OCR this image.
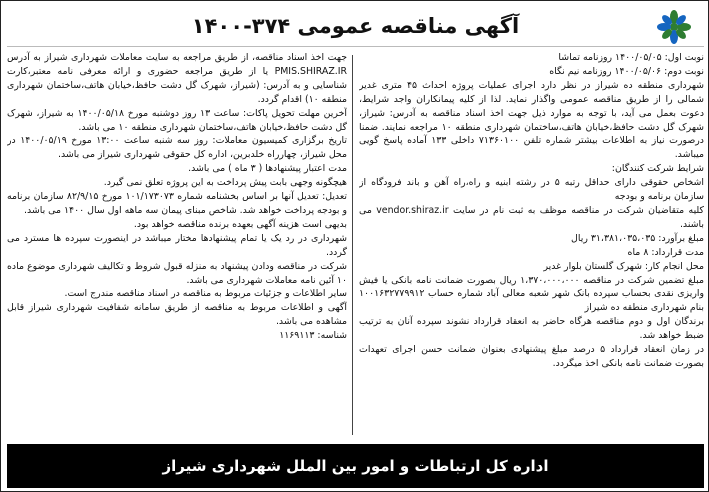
آگهی مناقصه عمومی ۳۷۴-۱۴۰۰

نوبت اول: ۱۴۰۰/۰۵/۰۵ روزنامه تماشا

نوبت دوم: ۱۴۰۰/۰۵/۰۶ روزنامه نیم نگاه

شهرداری منطقه ده شیراز در نظر دارد اجرای عملیات پروژه احداث ۴۵ متری غدیر شمالی را از طریق مناقصه عمومی واگذار نماید. لذا از کلیه پیمانکاران واجد شرایط، دعوت بعمل می آید، با توجه به موارد ذیل جهت اخذ اسناد مناقصه به آدرس: شیراز، شهرک گل دشت حافظ،خیابان هاتف،ساختمان شهرداری منطقه ۱۰ مراجعه نمایند. ضمنا درصورت نیاز به اطلاعات بیشتر شماره تلفن ۷۱۳۶۰۱۰۰ داخلی ۱۳۳ آماده پاسخ گویی میباشد.

شرایط شرکت کنندگان:

اشخاص حقوقی دارای حداقل رتبه ۵ در رشته ابنیه و راه،راه آهن و باند فرودگاه از سازمان برنامه و بودجه

کلیه متقاضیان شرکت در مناقصه موظف به ثبت نام در سایت vendor.shiraz.ir می باشند.

مبلغ برآورد: ۳۱،۳۸۱،۰۳۵،۰۳۵ ریال

مدت قرارداد: ۸ ماه

محل انجام کار: شهرک گلستان بلوار غدیر

مبلغ تضمین شرکت در مناقصه ۱،۳۷۰،۰۰۰،۰۰۰ ریال بصورت ضمانت نامه بانکی یا فیش واریزی نقدی بحساب سپرده بانک شهر شعبه معالی آباد شماره حساب ۱۰۰۱۶۳۲۷۷۹۹۱۲ بنام شهرداری منطقه ده شیراز

برندگان اول و دوم مناقصه هرگاه حاضر به انعقاد قرارداد نشوند سپرده آنان به ترتیب ضبط خواهد شد.

در زمان انعقاد قرارداد ۵ درصد مبلغ پیشنهادی بعنوان ضمانت حسن اجرای تعهدات بصورت ضمانت نامه بانکی اخذ میگردد.

جهت اخذ اسناد مناقصه، از طریق مراجعه به سایت معاملات شهرداری شیراز به آدرس PMIS.SHIRAZ.IR یا از طریق مراجعه حضوری و ارائه معرفی نامه معتبر،کارت شناسایی و به آدرس: (شیراز، شهرک گل دشت حافظ،خیابان هاتف،ساختمان شهرداری منطقه ۱۰) اقدام گردد.

آخرین مهلت تحویل پاکات: ساعت ۱۳ روز دوشنبه مورخ ۱۴۰۰/۰۵/۱۸ به شیراز، شهرک گل دشت حافظ،خیابان هاتف،ساختمان شهرداری منطقه ۱۰ می باشد.

تاریخ برگزاری کمیسیون معاملات: روز سه شنبه ساعت ۱۳:۰۰ مورخ ۱۴۰۰/۰۵/۱۹ در محل شیراز، چهارراه خلدبرین، اداره کل حقوقی شهرداری شیراز می باشد.

مدت اعتبار پیشنهادها ( ۳ ماه ) می باشد.

هیچگونه وجهی بابت پیش پرداخت به این پروژه تعلق نمی گیرد.

تعدیل: تعدیل آنها بر اساس بخشنامه شماره ۱۰۱/۱۷۳۰۷۳ مورخ ۸۲/۹/۱۵ سازمان برنامه و بودجه پرداخت خواهد شد. شاخص مبنای پیمان سه ماهه اول سال ۱۴۰۰ می باشد.

بدیهی است هزینه آگهی بعهده برنده مناقصه خواهد بود.

شهرداری در رد یک یا تمام پیشنهادها مختار میباشد در اینصورت سپرده ها مسترد می گردد.

شرکت در مناقصه ودادن پیشنهاد به منزله قبول شروط و تکالیف شهرداری موضوع ماده ۱۰ آئین نامه معاملات شهرداری می باشد.

سایر اطلاعات و جزئیات مربوط به مناقصه در اسناد مناقصه مندرج است.

آگهی و اطلاعات مربوط به مناقصه از طریق سامانه شفافیت شهرداری شیراز قابل مشاهده می باشد.

شناسه: ۱۱۶۹۱۱۳

اداره کل ارتباطات و امور بین الملل شهرداری شیراز
